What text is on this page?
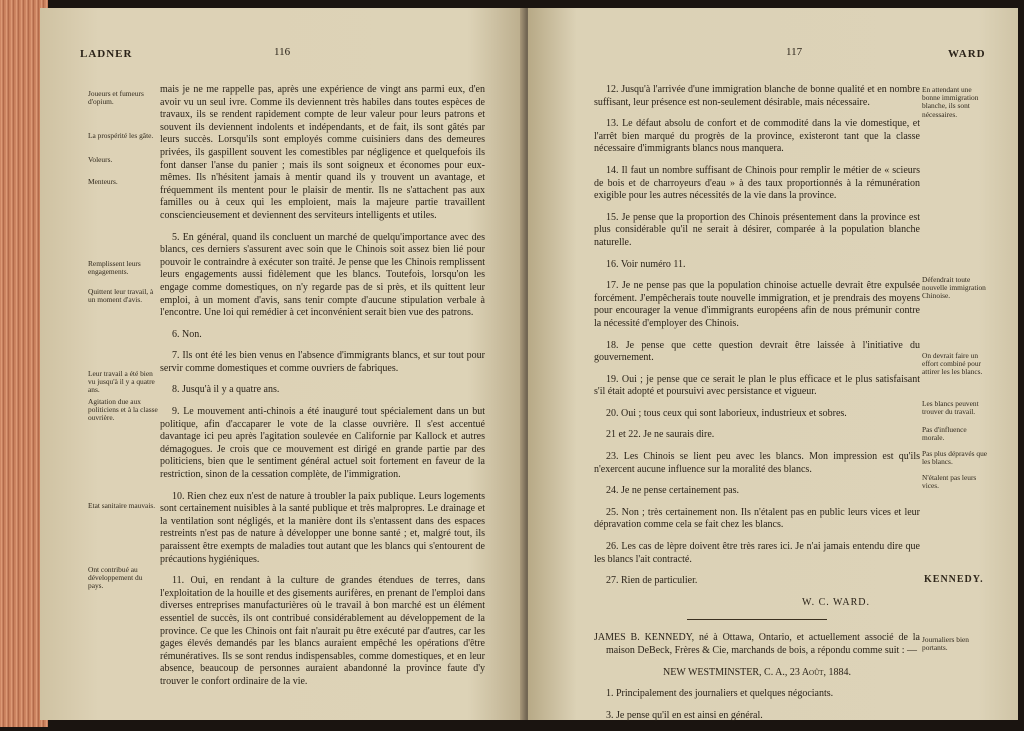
LADNER	116
Joueurs et fumeurs d'opium.
La prospérité les gâte.
Voleurs.
Menteurs.
Remplissent leurs engagements.
Quittent leur travail, à un moment d'avis.
Leur travail a été bien vu jusqu'à il y a quatre ans.
Agitation due aux politiciens et à la classe ouvrière.
Etat sanitaire mauvais.
Ont contribué au développement du pays.

mais je ne me rappelle pas, après une expérience de vingt ans parmi eux, d'en avoir vu un seul ivre. Comme ils deviennent très habiles dans toutes espèces de travaux, ils se rendent rapidement compte de leur valeur pour leurs patrons et souvent ils deviennent indolents et indépendants, et de fait, ils sont gâtés par leurs succès. Lorsqu'ils sont employés comme cuisiniers dans des demeures privées, ils gaspillent souvent les comestibles par négligence et quelquefois ils font danser l'anse du panier ; mais ils sont soigneux et économes pour eux-mêmes. Ils n'hésitent jamais à mentir quand ils y trouvent un avantage, et fréquemment ils mentent pour le plaisir de mentir. Ils ne s'attachent pas aux familles ou à ceux qui les emploient, mais la majeure partie travaillent consciencieusement et deviennent des serviteurs intelligents et utiles.

5. En général, quand ils concluent un marché de quelqu'importance avec des blancs, ces derniers s'assurent avec soin que le Chinois soit assez bien lié pour pouvoir le contraindre à exécuter son traité. Je pense que les Chinois remplissent leurs engagements aussi fidèlement que les blancs. Toutefois, lorsqu'on les engage comme domestiques, on n'y regarde pas de si près, et ils quittent leur emploi, à un moment d'avis, sans tenir compte d'aucune stipulation verbale à l'encontre. Une loi qui remédier à cet inconvénient serait bien vue des patrons.

6. Non.

7. Ils ont été les bien venus en l'absence d'immigrants blancs, et sur tout pour servir comme domestiques et comme ouvriers de fabriques.

8. Jusqu'à il y a quatre ans.

9. Le mouvement anti-chinois a été inauguré tout spécialement dans un but politique, afin d'accaparer le vote de la classe ouvrière. Il s'est accentué davantage ici peu après l'agitation soulevée en Californie par Kallock et autres démagogues. Je crois que ce mouvement est dirigé en grande partie par des politiciens, bien que le sentiment général actuel soit fortement en faveur de la restriction, sinon de la cessation complète, de l'immigration.

10. Rien chez eux n'est de nature à troubler la paix publique. Leurs logements sont certainement nuisibles à la santé publique et très malpropres. Le drainage et la ventilation sont négligés, et la manière dont ils s'entassent dans des espaces restreints n'est pas de nature à développer une bonne santé ; et, malgré tout, ils paraissent être exempts de maladies tout autant que les blancs qui s'entourent de précautions hygiéniques.

11. Oui, en rendant à la culture de grandes étendues de terres, dans l'exploitation de la houille et des gisements aurifères, en prenant de l'emploi dans diverses entreprises manufacturières où le travail à bon marché est un élément essentiel de succès, ils ont contribué considérablement au développement de la province. Ce que les Chinois ont fait n'aurait pu être exécuté par d'autres, car les gages élevés demandés par les blancs auraient empêché les opérations d'être rémunératives. Ils se sont rendus indispensables, comme domestiques, et en leur absence, beaucoup de personnes auraient abandonné la province faute d'y trouver le confort ordinaire de la vie.

117	WARD

12. Jusqu'à l'arrivée d'une immigration blanche de bonne qualité et en nombre suffisant, leur présence est non-seulement désirable, mais nécessaire.

13. Le défaut absolu de confort et de commodité dans la vie domestique, et l'arrêt bien marqué du progrès de la province, existeront tant que la classe nécessaire d'immigrants blancs nous manquera.

14. Il faut un nombre suffisant de Chinois pour remplir le métier de « scieurs de bois et de charroyeurs d'eau » à des taux proportionnés à la rémunération exigible pour les autres nécessités de la vie dans la province.

15. Je pense que la proportion des Chinois présentement dans la province est plus considérable qu'il ne serait à désirer, comparée à la population blanche naturelle.

16. Voir numéro 11.

17. Je ne pense pas que la population chinoise actuelle devrait être expulsée forcément. J'empêcherais toute nouvelle immigration, et je prendrais des moyens pour encourager la venue d'immigrants européens afin de nous prémunir contre la nécessité d'employer des Chinois.

18. Je pense que cette question devrait être laissée à l'initiative du gouvernement.

19. Oui ; je pense que ce serait le plan le plus efficace et le plus satisfaisant s'il était adopté et poursuivi avec persistance et vigueur.

20. Oui ; tous ceux qui sont laborieux, industrieux et sobres.

21 et 22. Je ne saurais dire.

23. Les Chinois se lient peu avec les blancs. Mon impression est qu'ils n'exercent aucune influence sur la moralité des blancs.

24. Je ne pense certainement pas.

25. Non ; très certainement non. Ils n'étalent pas en public leurs vices et leur dépravation comme cela se fait chez les blancs.

26. Les cas de lèpre doivent être très rares ici. Je n'ai jamais entendu dire que les blancs l'ait contracté.

27. Rien de particulier.

W. C. WARD.

JAMES B. KENNEDY, né à Ottawa, Ontario, et actuellement associé de la maison DeBeck, Frères & Cie, marchands de bois, a répondu comme suit : —

NEW WESTMINSTER, C. A., 23 Août, 1884.

1. Principalement des journaliers et quelques négociants.

3. Je pense qu'il en est ainsi en général.

En attendant une bonne immigration blanche, ils sont nécessaires.
Défendrait toute nouvelle immigration Chinoise.
On devrait faire un effort combiné pour attirer les les blancs.
Les blancs peuvent trouver du travail.
Pas d'influence morale.
Pas plus dépravés que les blancs.
N'étalent pas leurs vices.
Journaliers bien portants.
KENNEDY.
